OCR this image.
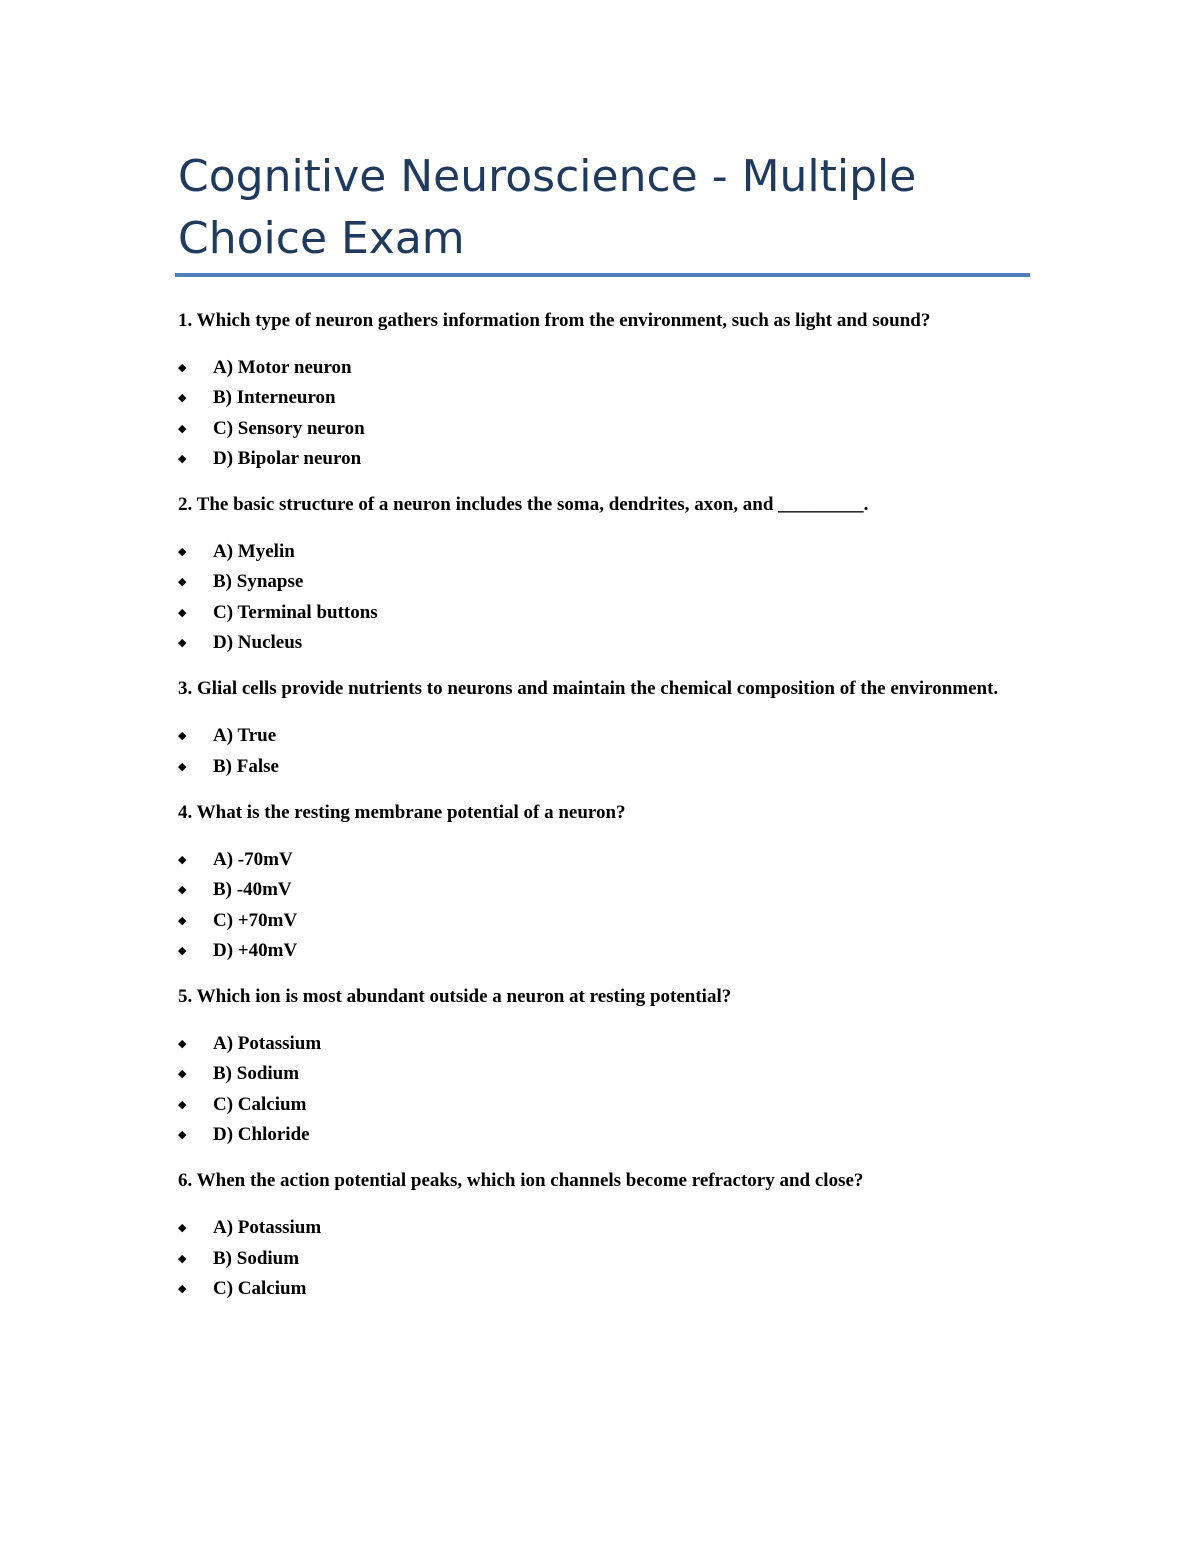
Cognitive Neuroscience - Multiple
Choice Exam

1. Which type of neuron gathers information from the environment, such as light and sound?

◆ A) Motor neuron
◆ B) Interneuron
◆ C) Sensory neuron
◆ D) Bipolar neuron

2. The basic structure of a neuron includes the soma, dendrites, axon, and _________.

◆ A) Myelin
◆ B) Synapse
◆ C) Terminal buttons
◆ D) Nucleus

3. Glial cells provide nutrients to neurons and maintain the chemical composition of the environment.

◆ A) True
◆ B) False

4. What is the resting membrane potential of a neuron?

◆ A) -70mV
◆ B) -40mV
◆ C) +70mV
◆ D) +40mV

5. Which ion is most abundant outside a neuron at resting potential?

◆ A) Potassium
◆ B) Sodium
◆ C) Calcium
◆ D) Chloride

6. When the action potential peaks, which ion channels become refractory and close?

◆ A) Potassium
◆ B) Sodium
◆ C) Calcium
